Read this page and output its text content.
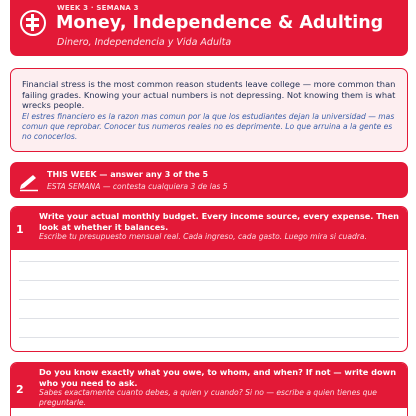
WEEK 3 · SEMANA 3
Money, Independence & Adulting
Dinero, Independencia y Vida Adulta

Financial stress is the most common reason students leave college — more common than failing grades. Knowing your actual numbers is not depressing. Not knowing them is what wrecks people.

El estres financiero es la razon mas comun por la que los estudiantes dejan la universidad — mas comun que reprobar. Conocer tus numeros reales no es deprimente. Lo que arruina a la gente es no conocerlos.

THIS WEEK — answer any 3 of the 5
ESTA SEMANA — contesta cualquiera 3 de las 5
1
Write your actual monthly budget. Every income source, every expense. Then look at whether it balances.
Escribe tu presupuesto mensual real. Cada ingreso, cada gasto. Luego mira si cuadra.
2
Do you know exactly what you owe, to whom, and when? If not — write down who you need to ask.
Sabes exactamente cuanto debes, a quien y cuando? Si no — escribe a quien tienes que preguntarle.
